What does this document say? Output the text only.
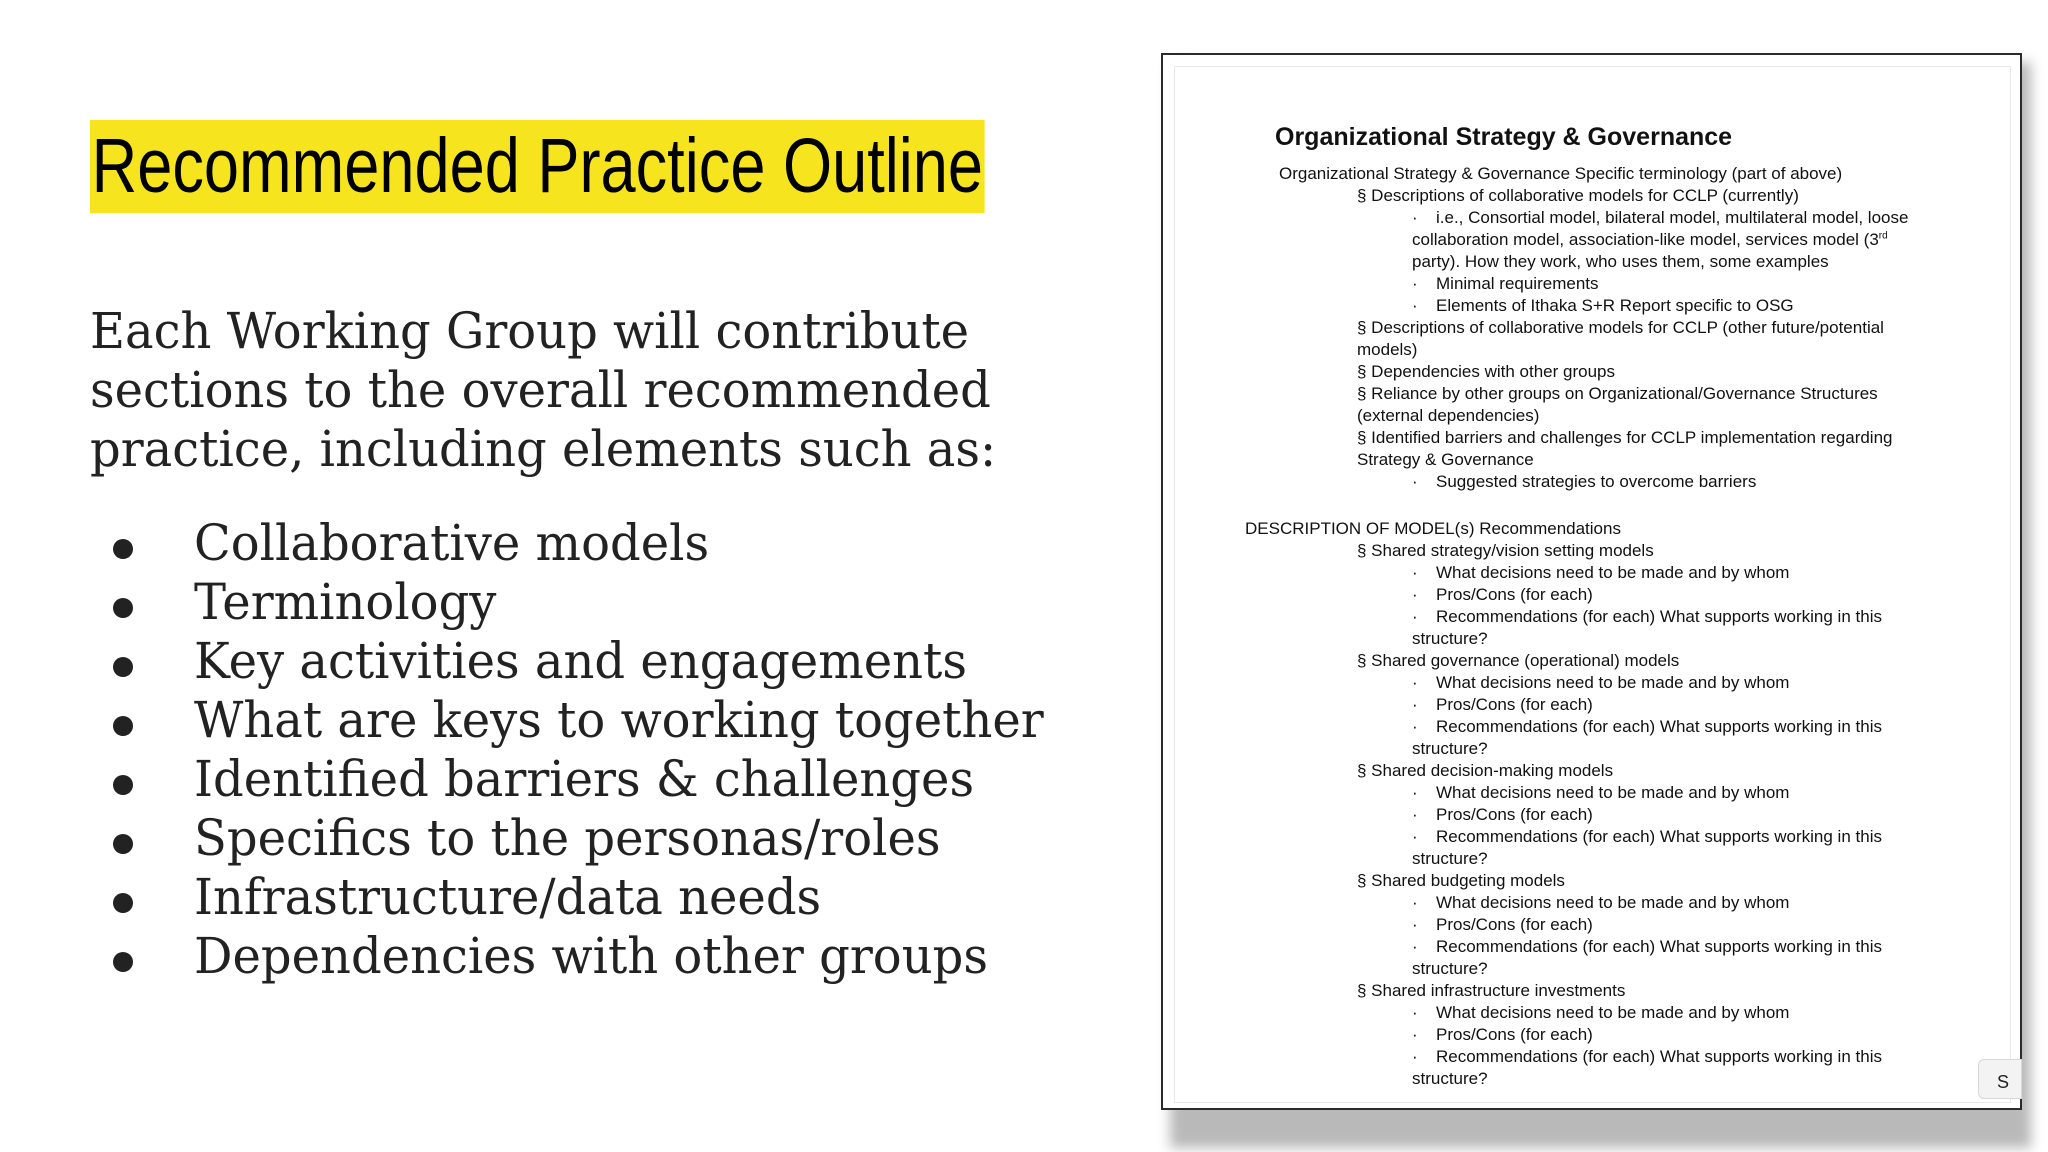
Recommended Practice Outline
Each Working Group will contribute
sections to the overall recommended
practice, including elements such as:
Collaborative models
Terminology
Key activities and engagements
What are keys to working together
Identified barriers & challenges
Specifics to the personas/roles
Infrastructure/data needs
Dependencies with other groups
Organizational Strategy & Governance
Organizational Strategy & Governance Specific terminology (part of above)
§ Descriptions of collaborative models for CCLP (currently)
· i.e., Consortial model, bilateral model, multilateral model, loose
collaboration model, association-like model, services model (3rd
party). How they work, who uses them, some examples
· Minimal requirements
· Elements of Ithaka S+R Report specific to OSG
§ Descriptions of collaborative models for CCLP (other future/potential
models)
§ Dependencies with other groups
§ Reliance by other groups on Organizational/Governance Structures
(external dependencies)
§ Identified barriers and challenges for CCLP implementation regarding
Strategy & Governance
· Suggested strategies to overcome barriers
DESCRIPTION OF MODEL(s) Recommendations
§ Shared strategy/vision setting models
· What decisions need to be made and by whom
· Pros/Cons (for each)
· Recommendations (for each) What supports working in this
structure?
§ Shared governance (operational) models
· What decisions need to be made and by whom
· Pros/Cons (for each)
· Recommendations (for each) What supports working in this
structure?
§ Shared decision-making models
· What decisions need to be made and by whom
· Pros/Cons (for each)
· Recommendations (for each) What supports working in this
structure?
§ Shared budgeting models
· What decisions need to be made and by whom
· Pros/Cons (for each)
· Recommendations (for each) What supports working in this
structure?
§ Shared infrastructure investments
· What decisions need to be made and by whom
· Pros/Cons (for each)
· Recommendations (for each) What supports working in this
structure?	S
